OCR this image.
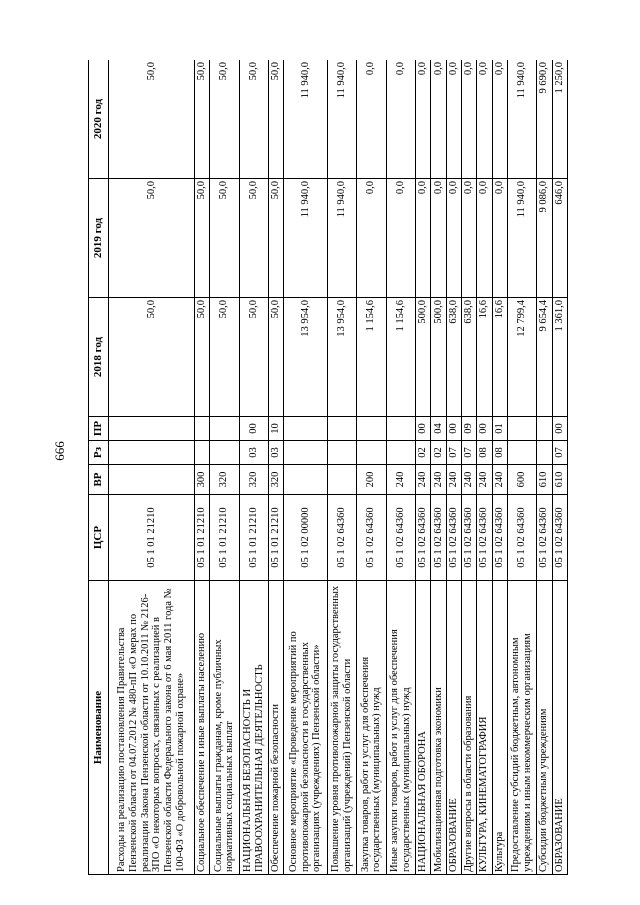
666
Наименование	ЦСР	ВР	Рз	ПР	2018 год	2019 год	2020 год
Расходы на реализацию постановления Правительства Пензенской области от 04.07.2012 № 480-пП «О мерах по реализации Закона Пензенской области от 10.10.2011 № 2126-ЗПО «О некоторых вопросах, связанных с реализацией в Пензенской области Федерального закона от 6 мая 2011 года № 100-ФЗ «О добровольной пожарной охране»	05 1 01 21210				50,0	50,0	50,0
Социальное обеспечение и иные выплаты населению	05 1 01 21210	300			50,0	50,0	50,0
Социальные выплаты гражданам, кроме публичных нормативных социальных выплат	05 1 01 21210	320			50,0	50,0	50,0
НАЦИОНАЛЬНАЯ БЕЗОПАСНОСТЬ И ПРАВООХРАНИТЕЛЬНАЯ ДЕЯТЕЛЬНОСТЬ	05 1 01 21210	320	03	00	50,0	50,0	50,0
Обеспечение пожарной безопасности	05 1 01 21210	320	03	10	50,0	50,0	50,0
Основное мероприятие «Проведение мероприятий по противопожарной безопасности в государственных организациях (учреждениях) Пензенской области»	05 1 02 00000				13 954,0	11 940,0	11 940,0
Повышение уровня противопожарной защиты государственных организаций (учреждений) Пензенской области	05 1 02 64360				13 954,0	11 940,0	11 940,0
Закупка товаров, работ и услуг для обеспечения государственных (муниципальных) нужд	05 1 02 64360	200			1 154,6	0,0	0,0
Иные закупки товаров, работ и услуг для обеспечения государственных (муниципальных) нужд	05 1 02 64360	240			1 154,6	0,0	0,0
НАЦИОНАЛЬНАЯ ОБОРОНА	05 1 02 64360	240	02	00	500,0	0,0	0,0
Мобилизационная подготовка экономики	05 1 02 64360	240	02	04	500,0	0,0	0,0
ОБРАЗОВАНИЕ	05 1 02 64360	240	07	00	638,0	0,0	0,0
Другие вопросы в области образования	05 1 02 64360	240	07	09	638,0	0,0	0,0
КУЛЬТУРА, КИНЕМАТОГРАФИЯ	05 1 02 64360	240	08	00	16,6	0,0	0,0
Культура	05 1 02 64360	240	08	01	16,6	0,0	0,0
Предоставление субсидий бюджетным, автономным учреждениям и иным некоммерческим организациям	05 1 02 64360	600			12 799,4	11 940,0	11 940,0
Субсидии бюджетным учреждениям	05 1 02 64360	610			9 654,4	9 086,0	9 690,0
ОБРАЗОВАНИЕ	05 1 02 64360	610	07	00	1 361,0	646,0	1 250,0
